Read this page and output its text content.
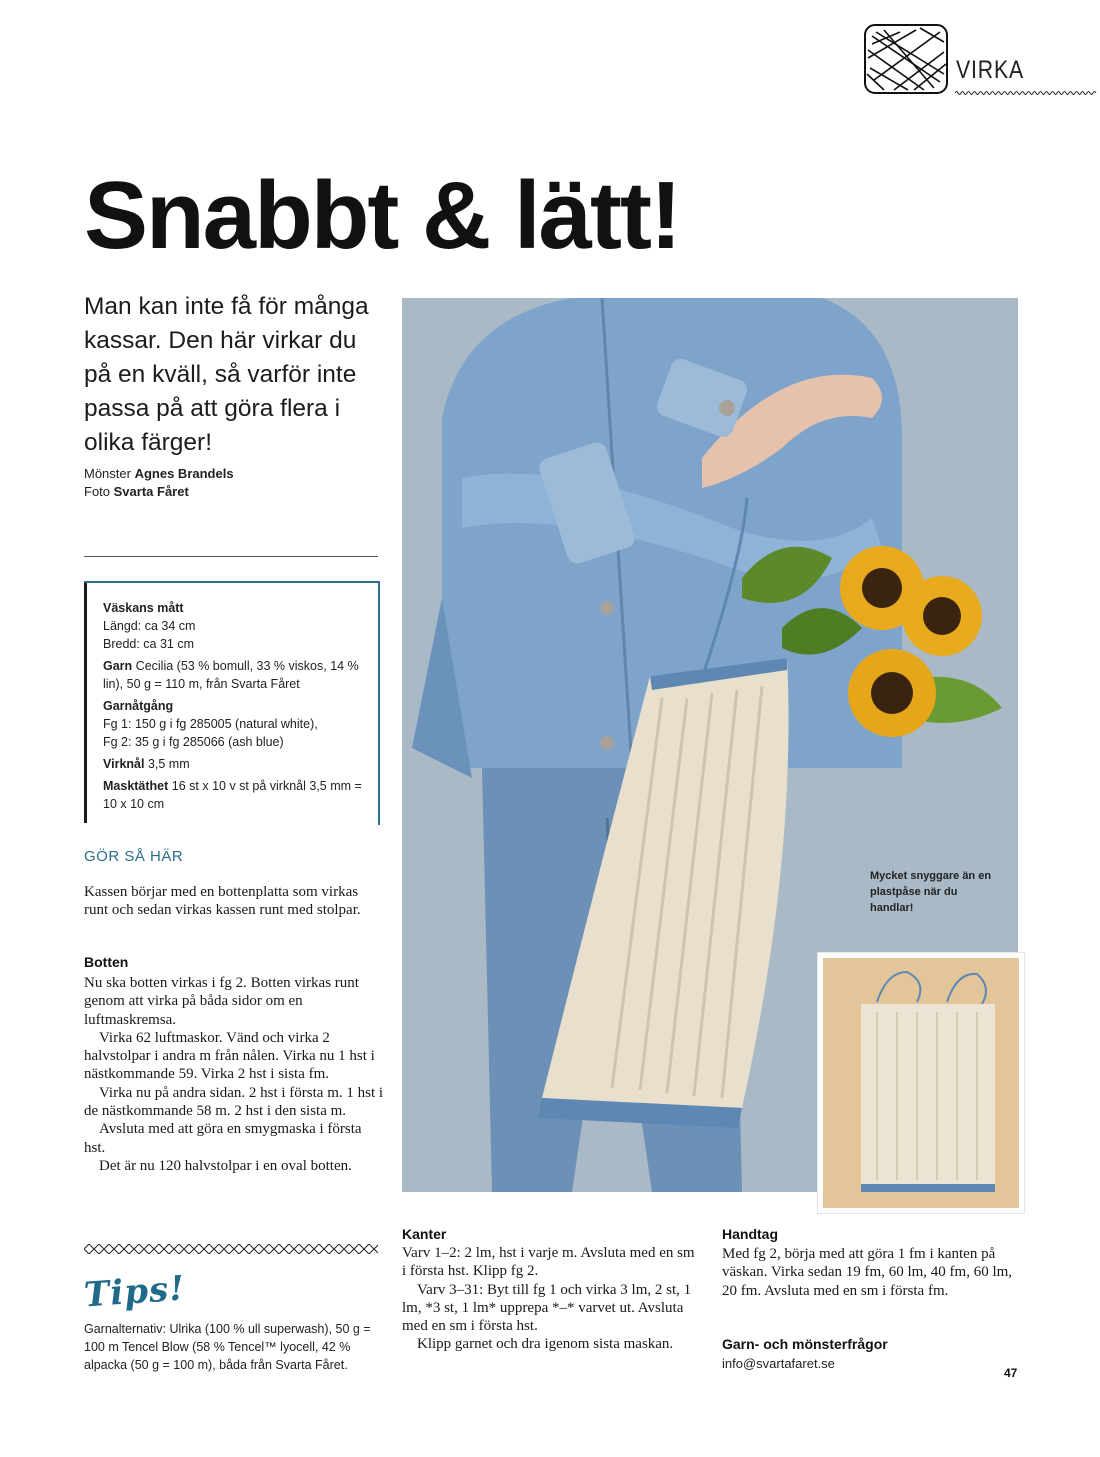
VIRKA
Snabbt & lätt!
Man kan inte få för många kassar. Den här virkar du på en kväll, så varför inte passa på att göra flera i olika färger!
Mönster Agnes Brandels
Foto Svarta Fåret
Väskans mått
Längd: ca 34 cm
Bredd: ca 31 cm
Garn Cecilia (53 % bomull, 33 % viskos, 14 % lin), 50 g = 110 m, från Svarta Fåret
Garnåtgång
Fg 1: 150 g i fg 285005 (natural white),
Fg 2: 35 g i fg 285066 (ash blue)
Virknål 3,5 mm
Masktäthet 16 st x 10 v st på virknål 3,5 mm = 10 x 10 cm
GÖR SÅ HÄR
Kassen börjar med en bottenplatta som virkas runt och sedan virkas kassen runt med stolpar.
Botten

Nu ska botten virkas i fg 2. Botten virkas runt genom att virka på båda sidor om en luftmaskremsa.

Virka 62 luftmaskor. Vänd och virka 2 halvstolpar i andra m från nålen. Virka nu 1 hst i nästkommande 59. Virka 2 hst i sista fm.

Virka nu på andra sidan. 2 hst i första m. 1 hst i de nästkommande 58 m. 2 hst i den sista m.

Avsluta med att göra en smygmaska i första hst.

Det är nu 120 halvstolpar i en oval botten.

Tips!
Garnalternativ: Ulrika (100 % ull superwash), 50 g = 100 m Tencel Blow (58 % Tencel™ lyocell, 42 % alpacka (50 g = 100 m), båda från Svarta Fåret.
Mycket snyggare än en plastpåse när du handlar!
Kanter

Varv 1–2: 2 lm, hst i varje m. Avsluta med en sm i första hst. Klipp fg 2.

Varv 3–31: Byt till fg 1 och virka 3 lm, 2 st, 1 lm, *3 st, 1 lm* upprepa *–* varvet ut. Avsluta med en sm i första hst.

Klipp garnet och dra igenom sista maskan.

Handtag
Med fg 2, börja med att göra 1 fm i kanten på väskan. Virka sedan 19 fm, 60 lm, 40 fm, 60 lm, 20 fm. Avsluta med en sm i första fm.
Garn- och mönsterfrågor
info@svartafaret.se
47
